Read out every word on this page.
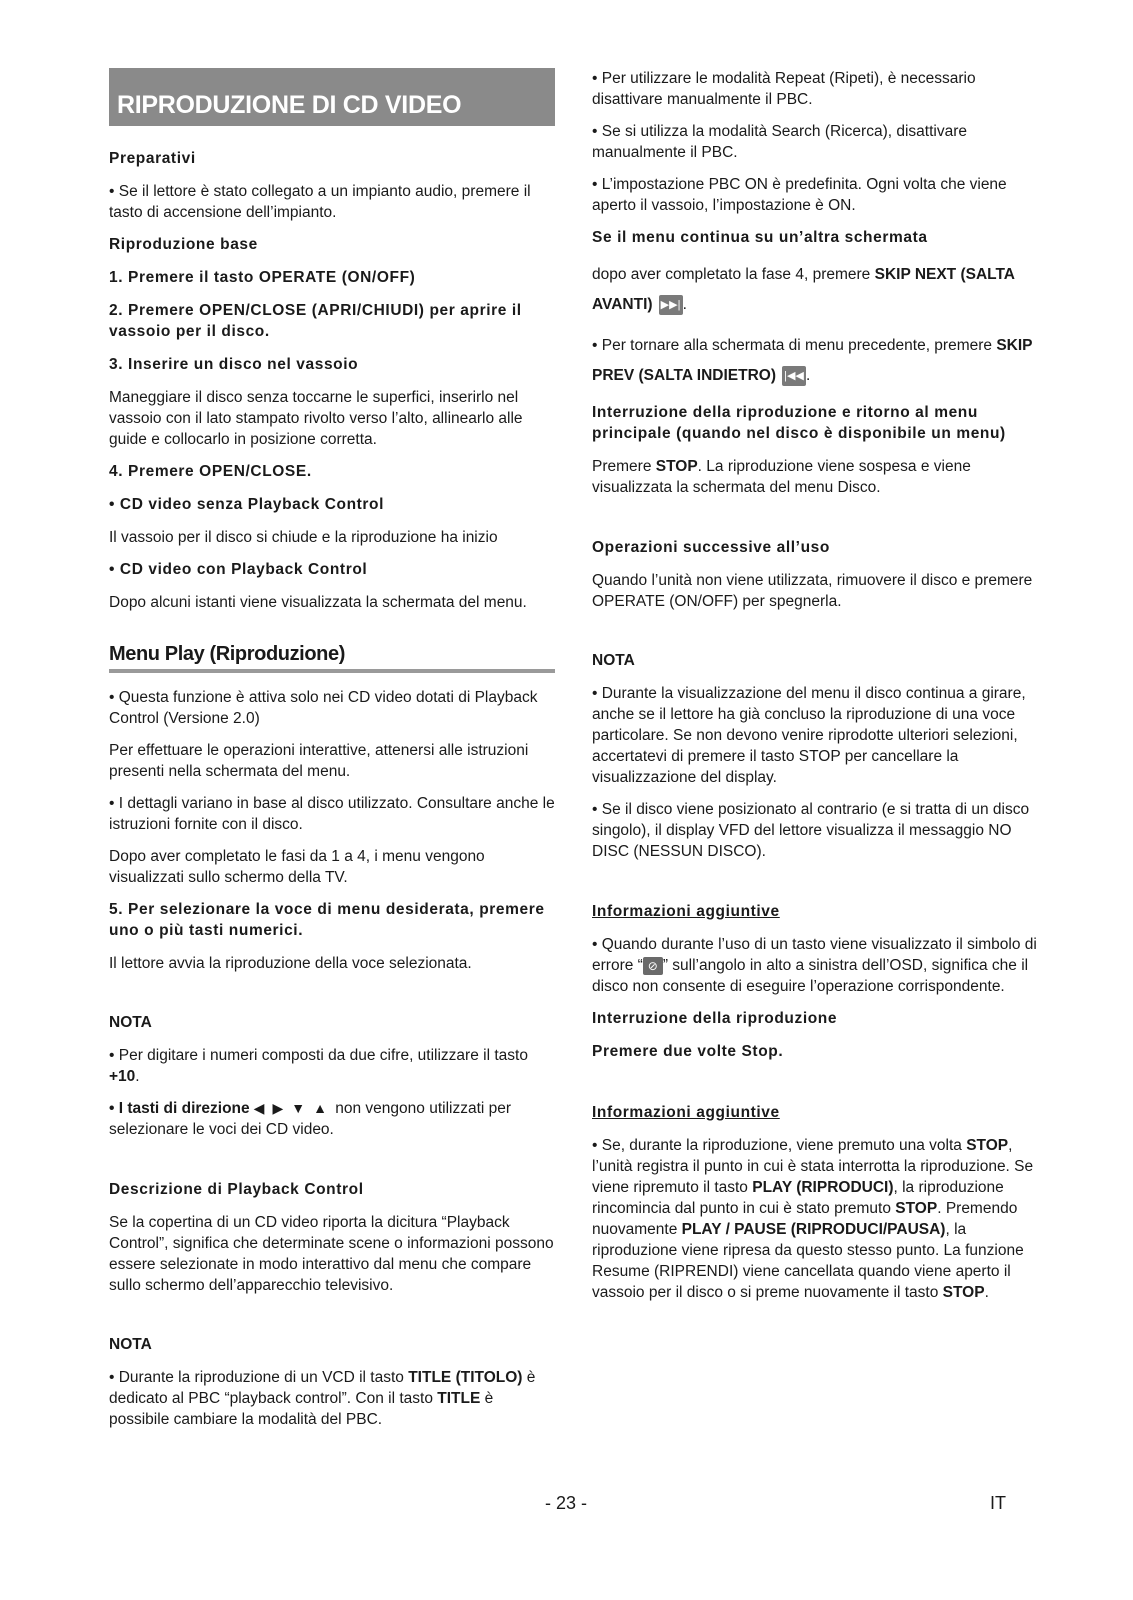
RIPRODUZIONE DI CD VIDEO
Preparativi

• Se il lettore è stato collegato a un impianto audio, premere il tasto di accensione dell’impianto.

Riproduzione base
1. Premere il tasto OPERATE (ON/OFF)
2. Premere OPEN/CLOSE (APRI/CHIUDI) per aprire il vassoio per il disco.
3. Inserire un disco nel vassoio

Maneggiare il disco senza toccarne le superfici, inserirlo nel vassoio con il lato stampato rivolto verso l’alto, allinearlo alle guide e collocarlo in posizione corretta.

4. Premere OPEN/CLOSE.
• CD video senza Playback Control

Il vassoio per il disco si chiude e la riproduzione ha inizio

• CD video con Playback Control

Dopo alcuni istanti viene visualizzata la schermata del menu.

Menu Play (Riproduzione)

• Questa funzione è attiva solo nei CD video dotati di Playback Control (Versione 2.0)

Per effettuare le operazioni interattive, attenersi alle istruzioni presenti nella schermata del menu.

• I dettagli variano in base al disco utilizzato. Consultare anche le istruzioni fornite con il disco.

Dopo aver completato le fasi da 1 a 4, i menu vengono visualizzati sullo schermo della TV.

5. Per selezionare la voce di menu desiderata, premere uno o più tasti numerici.

Il lettore avvia la riproduzione della voce selezionata.

NOTA

• Per digitare i numeri composti da due cifre, utilizzare il tasto +10.

• I tasti di direzione ◀ ▶ ▼ ▲ non vengono utilizzati per selezionare le voci dei CD video.

Descrizione di Playback Control

Se la copertina di un CD video riporta la dicitura “Playback Control”, significa che determinate scene o informazioni possono essere selezionate in modo interattivo dal menu che compare sullo schermo dell’apparecchio televisivo.

NOTA

• Durante la riproduzione di un VCD il tasto TITLE (TITOLO) è dedicato al PBC “playback control”. Con il tasto TITLE è possibile cambiare la modalità del PBC.

• Per utilizzare le modalità Repeat (Ripeti), è necessario disattivare manualmente il PBC.

• Se si utilizza la modalità Search (Ricerca), disattivare manualmente il PBC.

• L’impostazione PBC ON è predefinita. Ogni volta che viene aperto il vassoio, l’impostazione è ON.

Se il menu continua su un’altra schermata

dopo aver completato la fase 4, premere SKIP NEXT (SALTA AVANTI) ▶▶| .

• Per tornare alla schermata di menu precedente, premere SKIP PREV (SALTA INDIETRO) |◀◀ .

Interruzione della riproduzione e ritorno al menu principale (quando nel disco è disponibile un menu)

Premere STOP. La riproduzione viene sospesa e viene visualizzata la schermata del menu Disco.

Operazioni successive all’uso

Quando l’unità non viene utilizzata, rimuovere il disco e premere OPERATE (ON/OFF) per spegnerla.

NOTA

• Durante la visualizzazione del menu il disco continua a girare, anche se il lettore ha già concluso la riproduzione di una voce particolare. Se non devono venire riprodotte ulteriori selezioni, accertatevi di premere il tasto STOP per cancellare la visualizzazione del display.

• Se il disco viene posizionato al contrario (e si tratta di un disco singolo), il display VFD del lettore visualizza il messaggio NO DISC (NESSUN DISCO).

Informazioni aggiuntive

• Quando durante l’uso di un tasto viene visualizzato il simbolo di errore “ ⊘ ” sull’angolo in alto a sinistra dell’OSD, significa che il disco non consente di eseguire l’operazione corrispondente.

Interruzione della riproduzione
Premere due volte Stop.
Informazioni aggiuntive

• Se, durante la riproduzione, viene premuto una volta STOP, l’unità registra il punto in cui è stata interrotta la riproduzione. Se viene ripremuto il tasto PLAY (RIPRODUCI), la riproduzione rincomincia dal punto in cui è stato premuto STOP. Premendo nuovamente PLAY / PAUSE (RIPRODUCI/PAUSA), la riproduzione viene ripresa da questo stesso punto. La funzione Resume (RIPRENDI) viene cancellata quando viene aperto il vassoio per il disco o si preme nuovamente il tasto STOP.

- 23 -	IT
